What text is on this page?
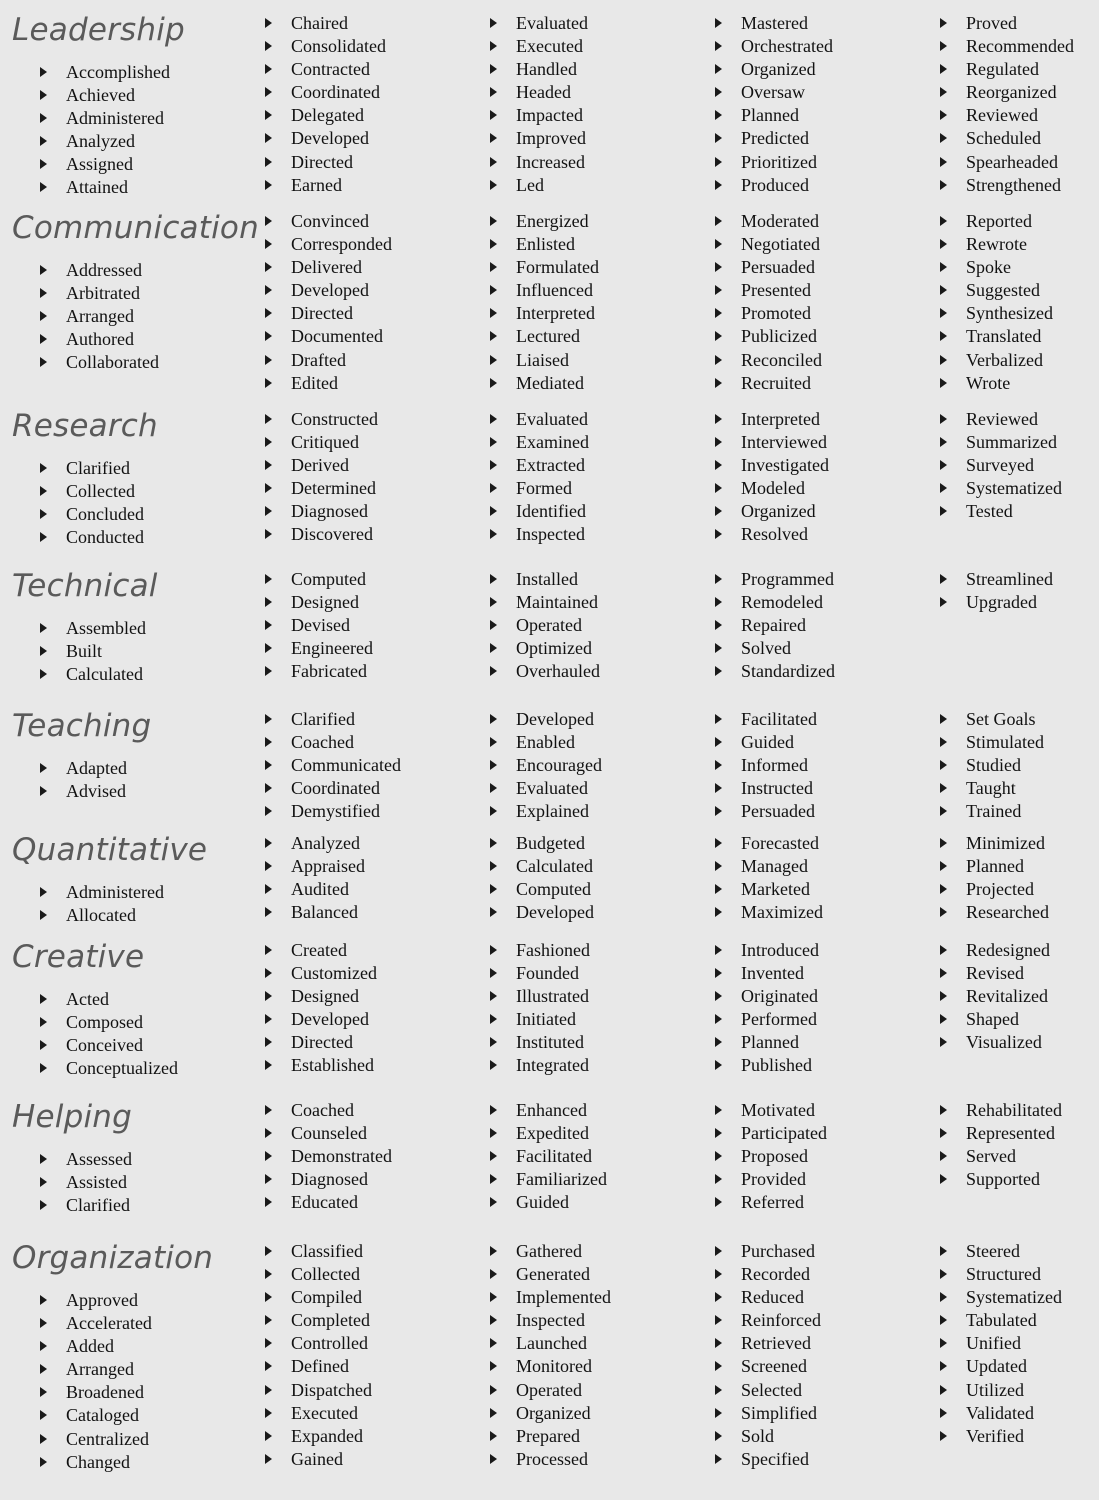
Leadership
Accomplished
Achieved
Administered
Analyzed
Assigned
Attained
Chaired
Consolidated
Contracted
Coordinated
Delegated
Developed
Directed
Earned
Evaluated
Executed
Handled
Headed
Impacted
Improved
Increased
Led
Mastered
Orchestrated
Organized
Oversaw
Planned
Predicted
Prioritized
Produced
Proved
Recommended
Regulated
Reorganized
Reviewed
Scheduled
Spearheaded
Strengthened
Communication
Addressed
Arbitrated
Arranged
Authored
Collaborated
Convinced
Corresponded
Delivered
Developed
Directed
Documented
Drafted
Edited
Energized
Enlisted
Formulated
Influenced
Interpreted
Lectured
Liaised
Mediated
Moderated
Negotiated
Persuaded
Presented
Promoted
Publicized
Reconciled
Recruited
Reported
Rewrote
Spoke
Suggested
Synthesized
Translated
Verbalized
Wrote
Research
Clarified
Collected
Concluded
Conducted
Constructed
Critiqued
Derived
Determined
Diagnosed
Discovered
Evaluated
Examined
Extracted
Formed
Identified
Inspected
Interpreted
Interviewed
Investigated
Modeled
Organized
Resolved
Reviewed
Summarized
Surveyed
Systematized
Tested
Technical
Assembled
Built
Calculated
Computed
Designed
Devised
Engineered
Fabricated
Installed
Maintained
Operated
Optimized
Overhauled
Programmed
Remodeled
Repaired
Solved
Standardized
Streamlined
Upgraded
Teaching
Adapted
Advised
Clarified
Coached
Communicated
Coordinated
Demystified
Developed
Enabled
Encouraged
Evaluated
Explained
Facilitated
Guided
Informed
Instructed
Persuaded
Set Goals
Stimulated
Studied
Taught
Trained
Quantitative
Administered
Allocated
Analyzed
Appraised
Audited
Balanced
Budgeted
Calculated
Computed
Developed
Forecasted
Managed
Marketed
Maximized
Minimized
Planned
Projected
Researched
Creative
Acted
Composed
Conceived
Conceptualized
Created
Customized
Designed
Developed
Directed
Established
Fashioned
Founded
Illustrated
Initiated
Instituted
Integrated
Introduced
Invented
Originated
Performed
Planned
Published
Redesigned
Revised
Revitalized
Shaped
Visualized
Helping
Assessed
Assisted
Clarified
Coached
Counseled
Demonstrated
Diagnosed
Educated
Enhanced
Expedited
Facilitated
Familiarized
Guided
Motivated
Participated
Proposed
Provided
Referred
Rehabilitated
Represented
Served
Supported
Organization
Approved
Accelerated
Added
Arranged
Broadened
Cataloged
Centralized
Changed
Classified
Collected
Compiled
Completed
Controlled
Defined
Dispatched
Executed
Expanded
Gained
Gathered
Generated
Implemented
Inspected
Launched
Monitored
Operated
Organized
Prepared
Processed
Purchased
Recorded
Reduced
Reinforced
Retrieved
Screened
Selected
Simplified
Sold
Specified
Steered
Structured
Systematized
Tabulated
Unified
Updated
Utilized
Validated
Verified
